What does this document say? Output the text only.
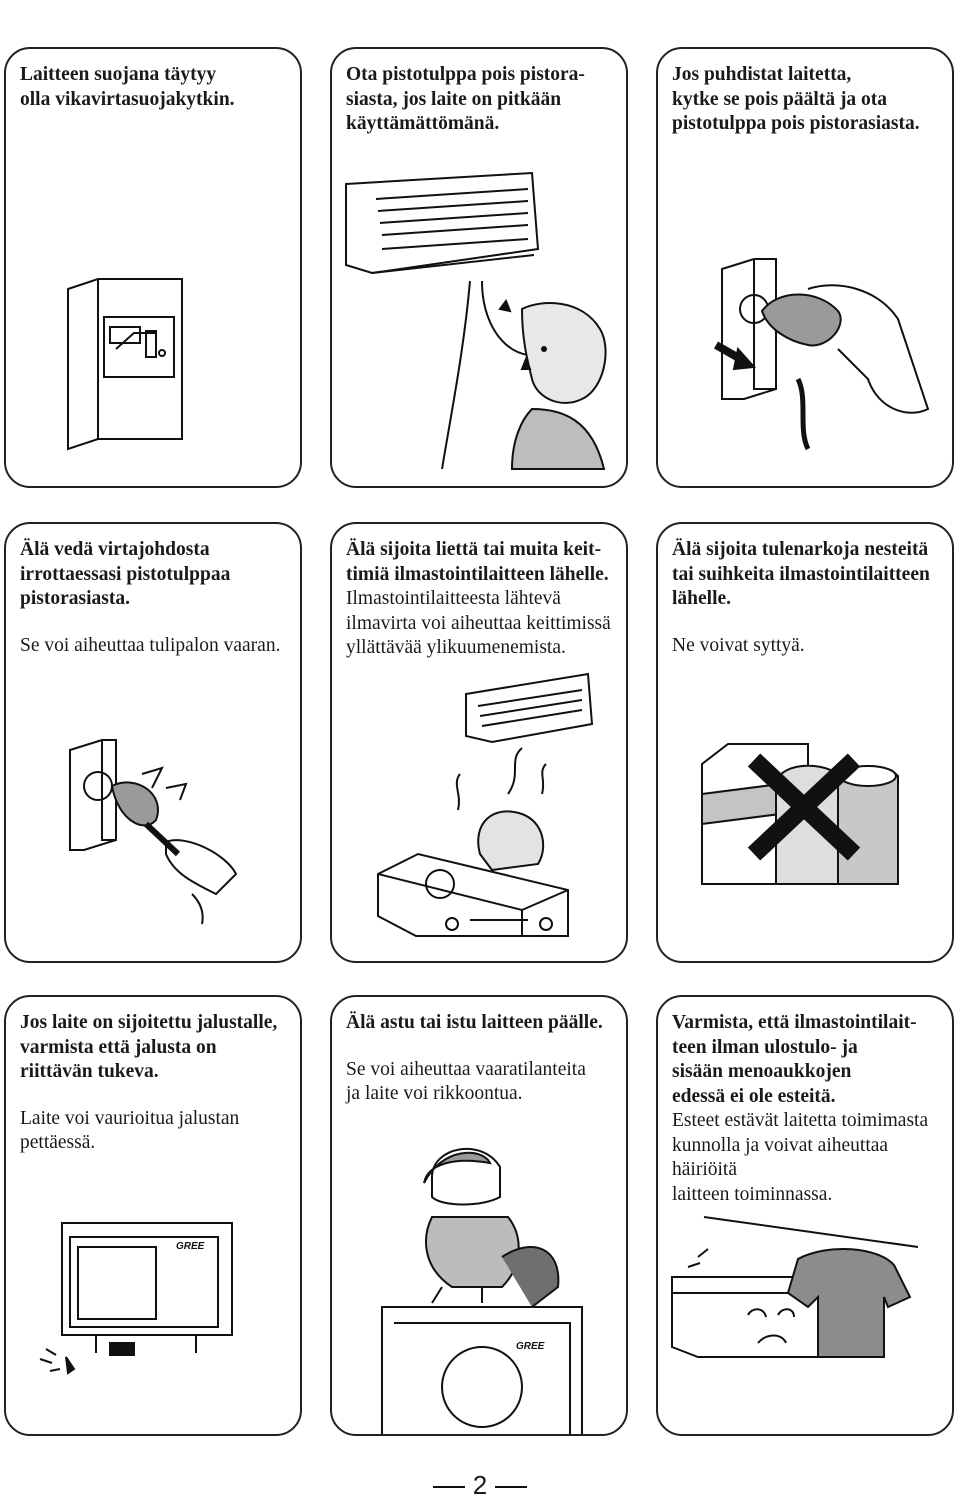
Laitteen suojana täytyy

olla vikavirtasuojakytkin.

Ota pistotulppa pois pistora-

siasta, jos laite on pitkään

käyttämättömänä.

Jos puhdistat laitetta,

kytke se pois päältä ja ota

pistotulppa pois pistorasiasta.

Älä vedä virtajohdosta

irrottaessasi pistotulppaa

pistorasiasta.

Se voi aiheuttaa tulipalon vaaran.

Älä sijoita liettä tai muita keit-

timiä ilmastointilaitteen lähelle.

Ilmastointilaitteesta lähtevä

ilmavirta voi aiheuttaa keittimissä

yllättävää ylikuumenemista.

Älä sijoita tulenarkoja nesteitä

tai suihkeita ilmastointilaitteen

lähelle.

Ne voivat syttyä.

Jos laite on sijoitettu jalustalle,

varmista että jalusta on

riittävän tukeva.

Laite voi vaurioitua jalustan

pettäessä.

GREE

Älä astu tai istu laitteen päälle.

Se voi aiheuttaa vaaratilanteita

ja laite voi rikkoontua.

GREE

Varmista, että ilmastointilait-

teen ilman ulostulo- ja

sisään menoaukkojen

edessä ei ole esteitä.

Esteet estävät laitetta toimimasta

kunnolla ja voivat aiheuttaa

häiriöitä

laitteen toiminnassa.

2
